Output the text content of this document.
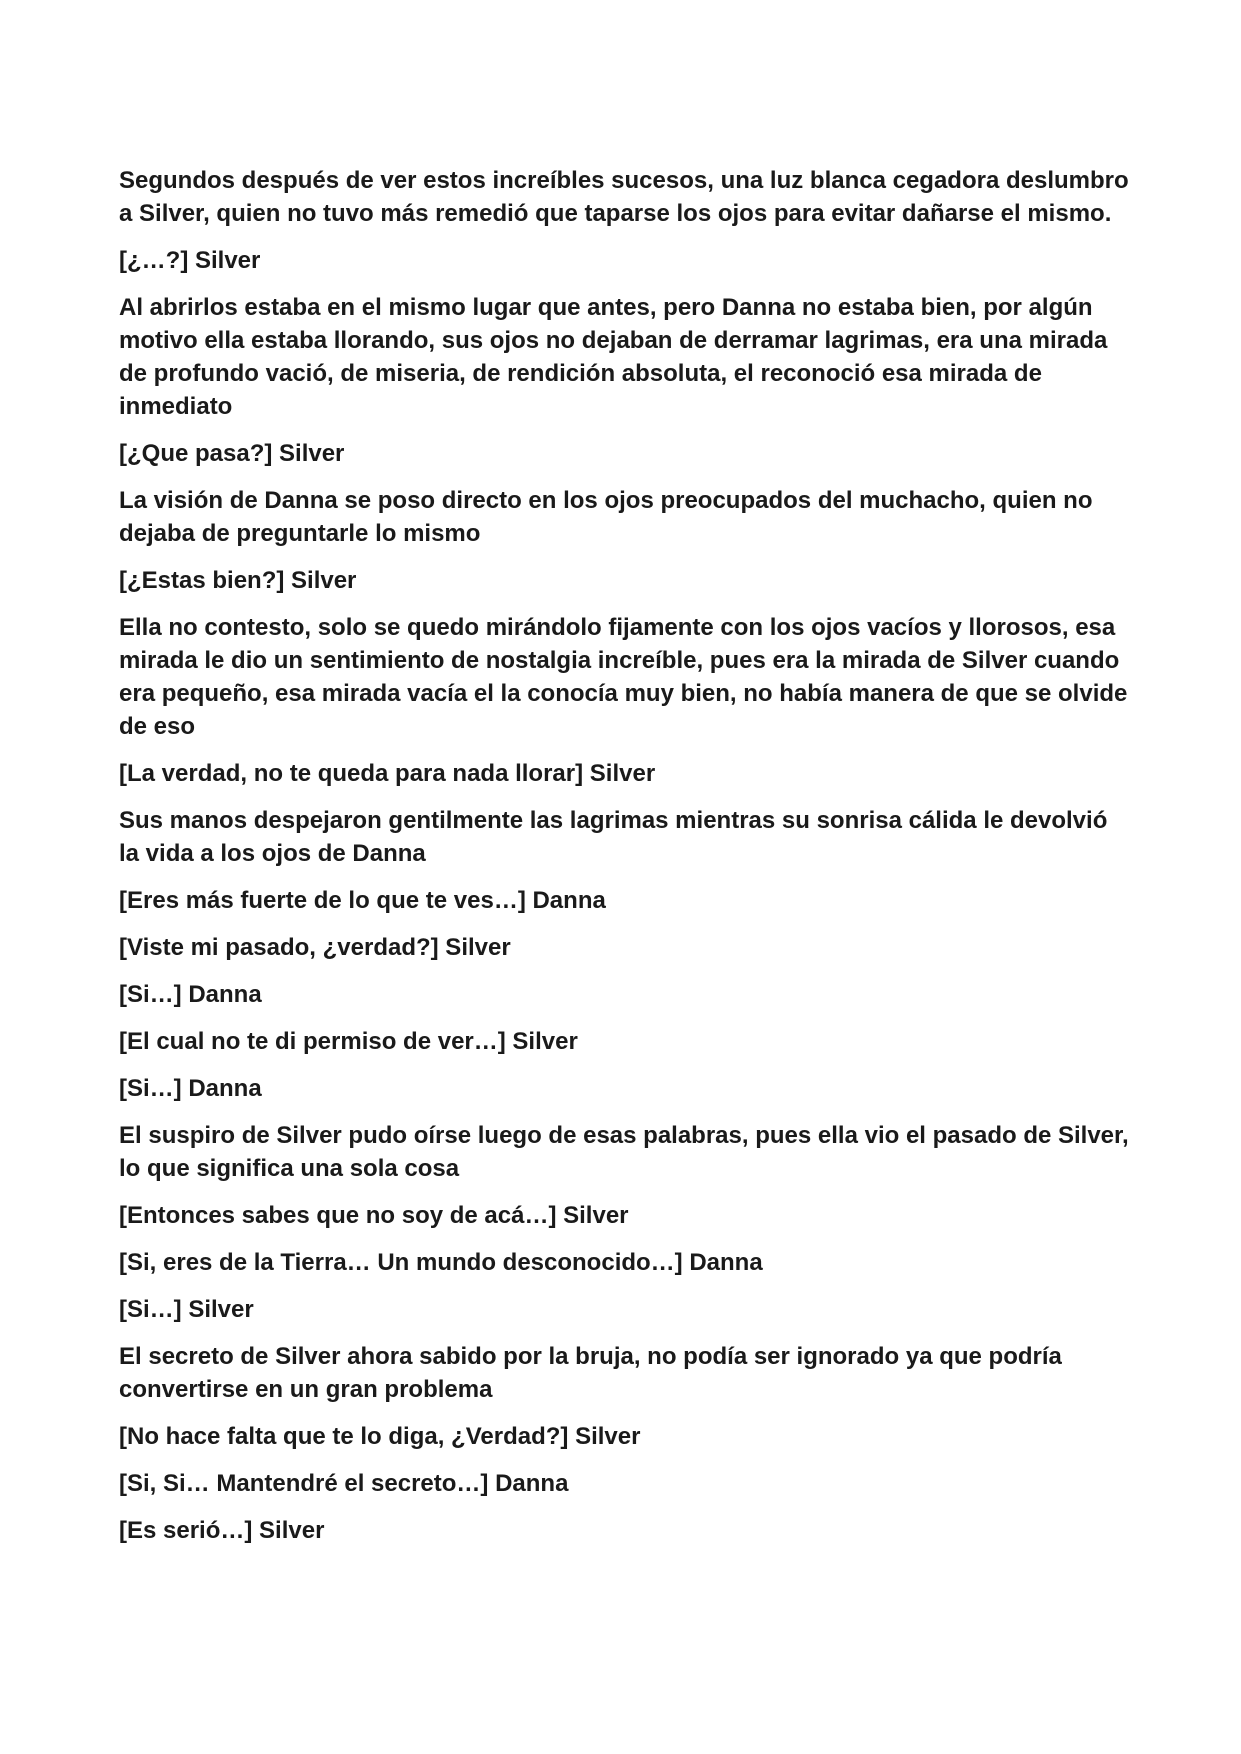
Segundos después de ver estos increíbles sucesos, una luz blanca cegadora deslumbro a Silver, quien no tuvo más remedió que taparse los ojos para evitar dañarse el mismo.

[¿…?] Silver

Al abrirlos estaba en el mismo lugar que antes, pero Danna no estaba bien, por algún motivo ella estaba llorando, sus ojos no dejaban de derramar lagrimas, era una mirada de profundo vació, de miseria, de rendición absoluta, el reconoció esa mirada de inmediato

[¿Que pasa?] Silver

La visión de Danna se poso directo en los ojos preocupados del muchacho, quien no dejaba de preguntarle lo mismo

[¿Estas bien?] Silver

Ella no contesto, solo se quedo mirándolo fijamente con los ojos vacíos y llorosos, esa mirada le dio un sentimiento de nostalgia increíble, pues era la mirada de Silver cuando era pequeño, esa mirada vacía el la conocía muy bien, no había manera de que se olvide de eso

[La verdad, no te queda para nada llorar] Silver

Sus manos despejaron gentilmente las lagrimas mientras su sonrisa cálida le devolvió la vida a los ojos de Danna

[Eres más fuerte de lo que te ves…] Danna

[Viste mi pasado, ¿verdad?] Silver

[Si…] Danna

[El cual no te di permiso de ver…] Silver

[Si…] Danna

El suspiro de Silver pudo oírse luego de esas palabras, pues ella vio el pasado de Silver, lo que significa una sola cosa

[Entonces sabes que no soy de acá…] Silver

[Si, eres de la Tierra… Un mundo desconocido…] Danna

[Si…] Silver

El secreto de Silver ahora sabido por la bruja, no podía ser ignorado ya que podría convertirse en un gran problema

[No hace falta que te lo diga, ¿Verdad?] Silver

[Si, Si… Mantendré el secreto…] Danna

[Es serió…] Silver
